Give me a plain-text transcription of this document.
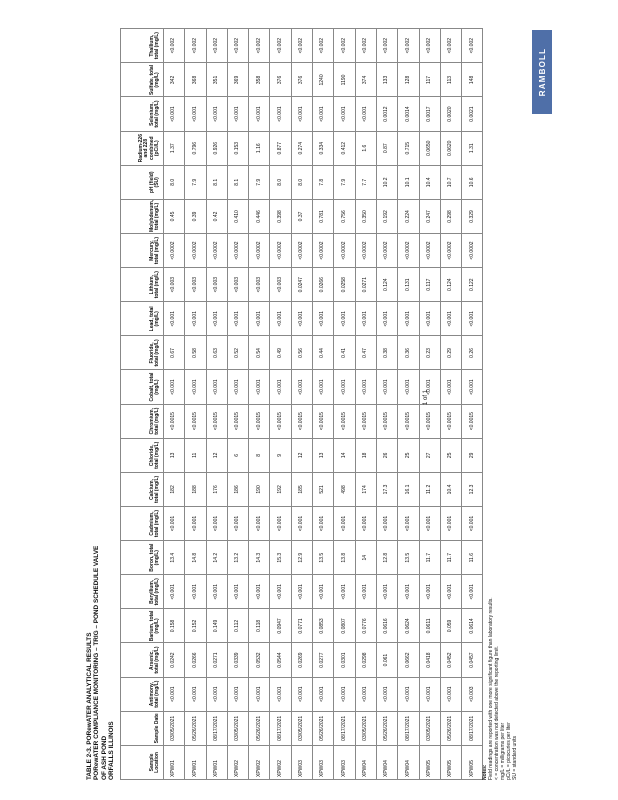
TABLE 2-3. PORewATER ANALYTICAL RESULTS PORewATER COMPLIANCE MONITORING – TRIG – POND SCHEDULE VALVE OF ASH POND ORFALLS ILLINOIS
RAMBOLL
Sample Location	Sample Date	Antimony, total (mg/L)	Arsenic, total (mg/L)	Barium, total (mg/L)	Beryllium, total (mg/L)	Boron, total (mg/L)	Cadmium, total (mg/L)	Calcium, total (mg/L)	Chloride, total (mg/L)	Chromium, total (mg/L)	Cobalt, total (mg/L)	Fluoride, total (mg/L)	Lead, total (mg/L)	Lithium, total (mg/L)	Mercury, total (mg/L)	Molybdenum, total (mg/L)	pH (field) (SU)	Radium-226 and 228 combined (pCi/L)	Selenium, total (mg/L)	Sulfate, total (mg/L)	Thallium, total (mg/L)
XPW01	03/05/2021	<0.001	0.0242	0.158	<0.001	13.4	<0.001	182	13	<0.0015	<0.001	0.67	<0.001	<0.003	<0.0002	0.45	8.0	1.37	<0.001	342	<0.002
XPW01	05/26/2021	<0.001	0.0266	0.152	<0.001	14.8	<0.001	188	11	<0.0015	<0.001	0.58	<0.001	<0.003	<0.0002	0.39	7.9	0.796	<0.001	368	<0.002
XPW01	08/17/2021	<0.001	0.0271	0.149	<0.001	14.2	<0.001	176	12	<0.0015	<0.001	0.63	<0.001	<0.003	<0.0002	0.42	8.1	0.926	<0.001	351	<0.002
XPW02	03/05/2021	<0.001	0.0339	0.112	<0.001	13.2	<0.001	186	6	<0.0015	<0.001	0.52	<0.001	<0.003	<0.0002	0.410	8.1	0.153	<0.001	369	<0.002
XPW02	05/26/2021	<0.001	0.0532	0.118	<0.001	14.3	<0.001	190	8	<0.0015	<0.001	0.54	<0.001	<0.003	<0.0002	0.446	7.9	1.16	<0.001	358	<0.002
XPW02	08/17/2021	<0.001	0.0544	0.0947	<0.001	15.3	<0.001	192	9	<0.0015	<0.001	0.49	<0.001	<0.003	<0.0002	0.398	8.0	0.877	<0.001	376	<0.002
XPW03	03/05/2021	<0.001	0.0269	0.0771	<0.001	12.9	<0.001	185	12	<0.0015	<0.001	0.56	<0.001	0.0247	<0.0002	0.37	8.0	0.274	<0.001	376	<0.002
XPW03	05/26/2021	<0.001	0.0277	0.0853	<0.001	13.5	<0.001	521	13	<0.0015	<0.001	0.44	<0.001	0.0266	<0.0002	0.781	7.8	0.334	<0.001	1240	<0.002
XPW03	08/17/2021	<0.001	0.0301	0.0807	<0.001	13.8	<0.001	498	14	<0.0015	<0.001	0.41	<0.001	0.0258	<0.0002	0.756	7.9	0.412	<0.001	1190	<0.002
XPW04	03/05/2021	<0.001	0.0298	0.0776	<0.001	14	<0.001	174	18	<0.0015	<0.001	0.47	<0.001	0.0271	<0.0002	0.350	7.7	1.6	<0.001	374	<0.002
XPW04	05/26/2021	<0.001	0.061	0.0616	<0.001	12.8	<0.001	17.3	26	<0.0015	<0.001	0.38	<0.001	0.124	<0.0002	0.192	10.2	0.87	0.0012	133	<0.002
XPW04	08/17/2021	<0.001	0.0662	0.0624	<0.001	13.5	<0.001	16.1	25	<0.0015	<0.001	0.36	<0.001	0.131	<0.0002	0.224	10.1	0.715	0.0014	128	<0.002
XPW05	03/05/2021	<0.001	0.0418	0.0611	<0.001	11.7	<0.001	11.2	27	<0.0015	<0.001	0.23	<0.001	0.117	<0.0002	0.247	10.4	0.0650	0.0017	117	<0.002
XPW05	05/26/2021	<0.001	0.0452	0.059	<0.001	11.7	<0.001	10.4	25	<0.0015	<0.001	0.29	<0.001	0.124	<0.0002	0.298	10.7	0.0620	0.0020	113	<0.002
XPW05	08/17/2021	<0.003	0.0457	0.0614	<0.001	11.6	<0.001	12.3	29	<0.0015	<0.001	0.26	<0.001	0.122	<0.0002	0.329	10.6	1.31	0.0021	148	<0.002
Notes: Field readings are reported with one more significant figure than laboratory results. < = concentration was not detected above the reporting limit. mg/L = milligrams per liter pCi/L = picocuries per liter SU = standard units
1 of 1
